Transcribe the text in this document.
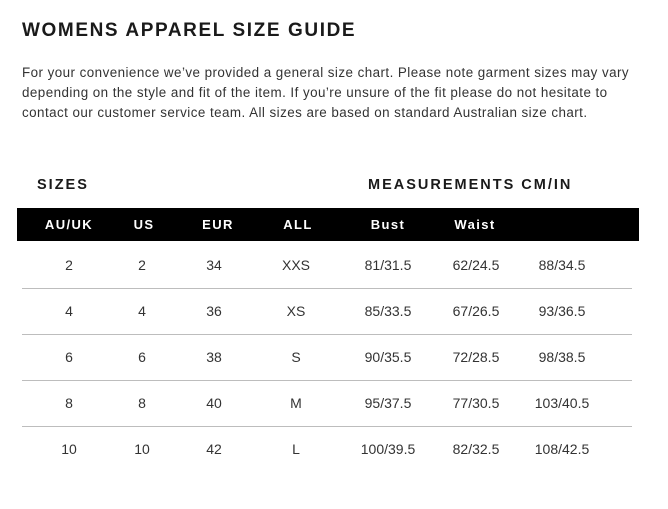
WOMENS APPAREL SIZE GUIDE
For your convenience we’ve provided a general size chart. Please note garment sizes may vary depending on the style and fit of the item. If you’re unsure of the fit please do not hesitate to contact our customer service team. All sizes are based on standard Australian size chart.
SIZES	MEASUREMENTS CM/IN
AU/UK	US	EUR	ALL	Bust	Waist
2	2	34	XXS	81/31.5	62/24.5	88/34.5
4	4	36	XS	85/33.5	67/26.5	93/36.5
6	6	38	S	90/35.5	72/28.5	98/38.5
8	8	40	M	95/37.5	77/30.5	103/40.5
10	10	42	L	100/39.5	82/32.5	108/42.5
